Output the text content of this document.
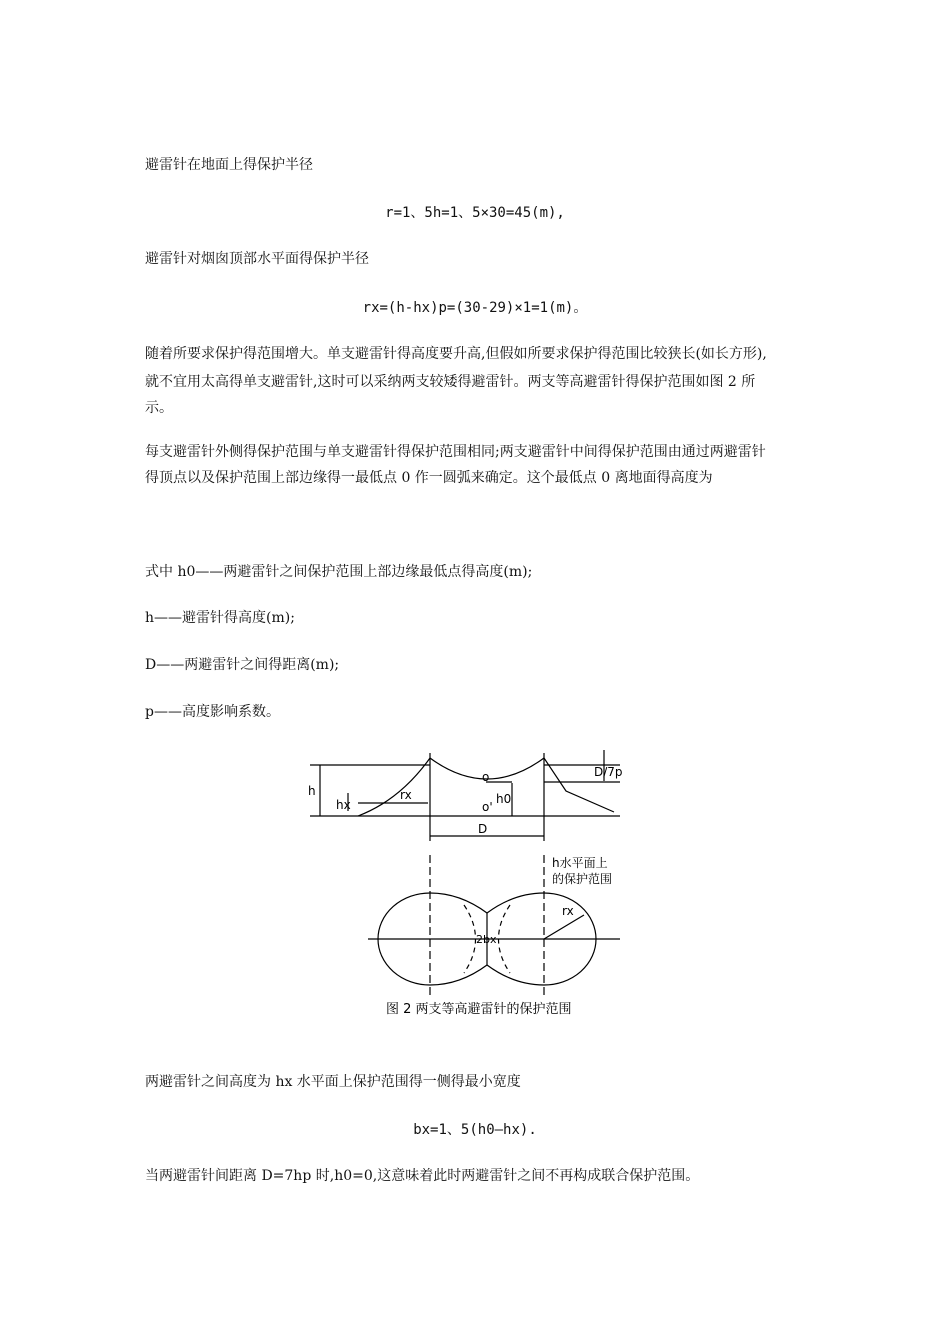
避雷针在地面上得保护半径

r=1、5h=1、5×30=45(m),

避雷针对烟囱顶部水平面得保护半径

rx=(h-hx)p=(30-29)×1=1(m)。

随着所要求保护得范围增大。单支避雷针得高度要升高,但假如所要求保护得范围比较狭长(如长方形),

就不宜用太高得单支避雷针,这时可以采纳两支较矮得避雷针。两支等高避雷针得保护范围如图 2 所

示。

每支避雷针外侧得保护范围与单支避雷针得保护范围相同;两支避雷针中间得保护范围由通过两避雷针

得顶点以及保护范围上部边缘得一最低点 0 作一圆弧来确定。这个最低点 0 离地面得高度为

式中 h0——两避雷针之间保护范围上部边缘最低点得高度(m);

h——避雷针得高度(m);

D——两避雷针之间得距离(m);

p——高度影响系数。

h
hx
rx
o
o'
h0
D
D/7p
h水平面上
的保护范围
rx
2bx
图 2 两支等高避雷针的保护范围

两避雷针之间高度为 hx 水平面上保护范围得一侧得最小宽度

bx=1、5(h0—hx).

当两避雷针间距离 D=7hp 时,h0=0,这意味着此时两避雷针之间不再构成联合保护范围。
